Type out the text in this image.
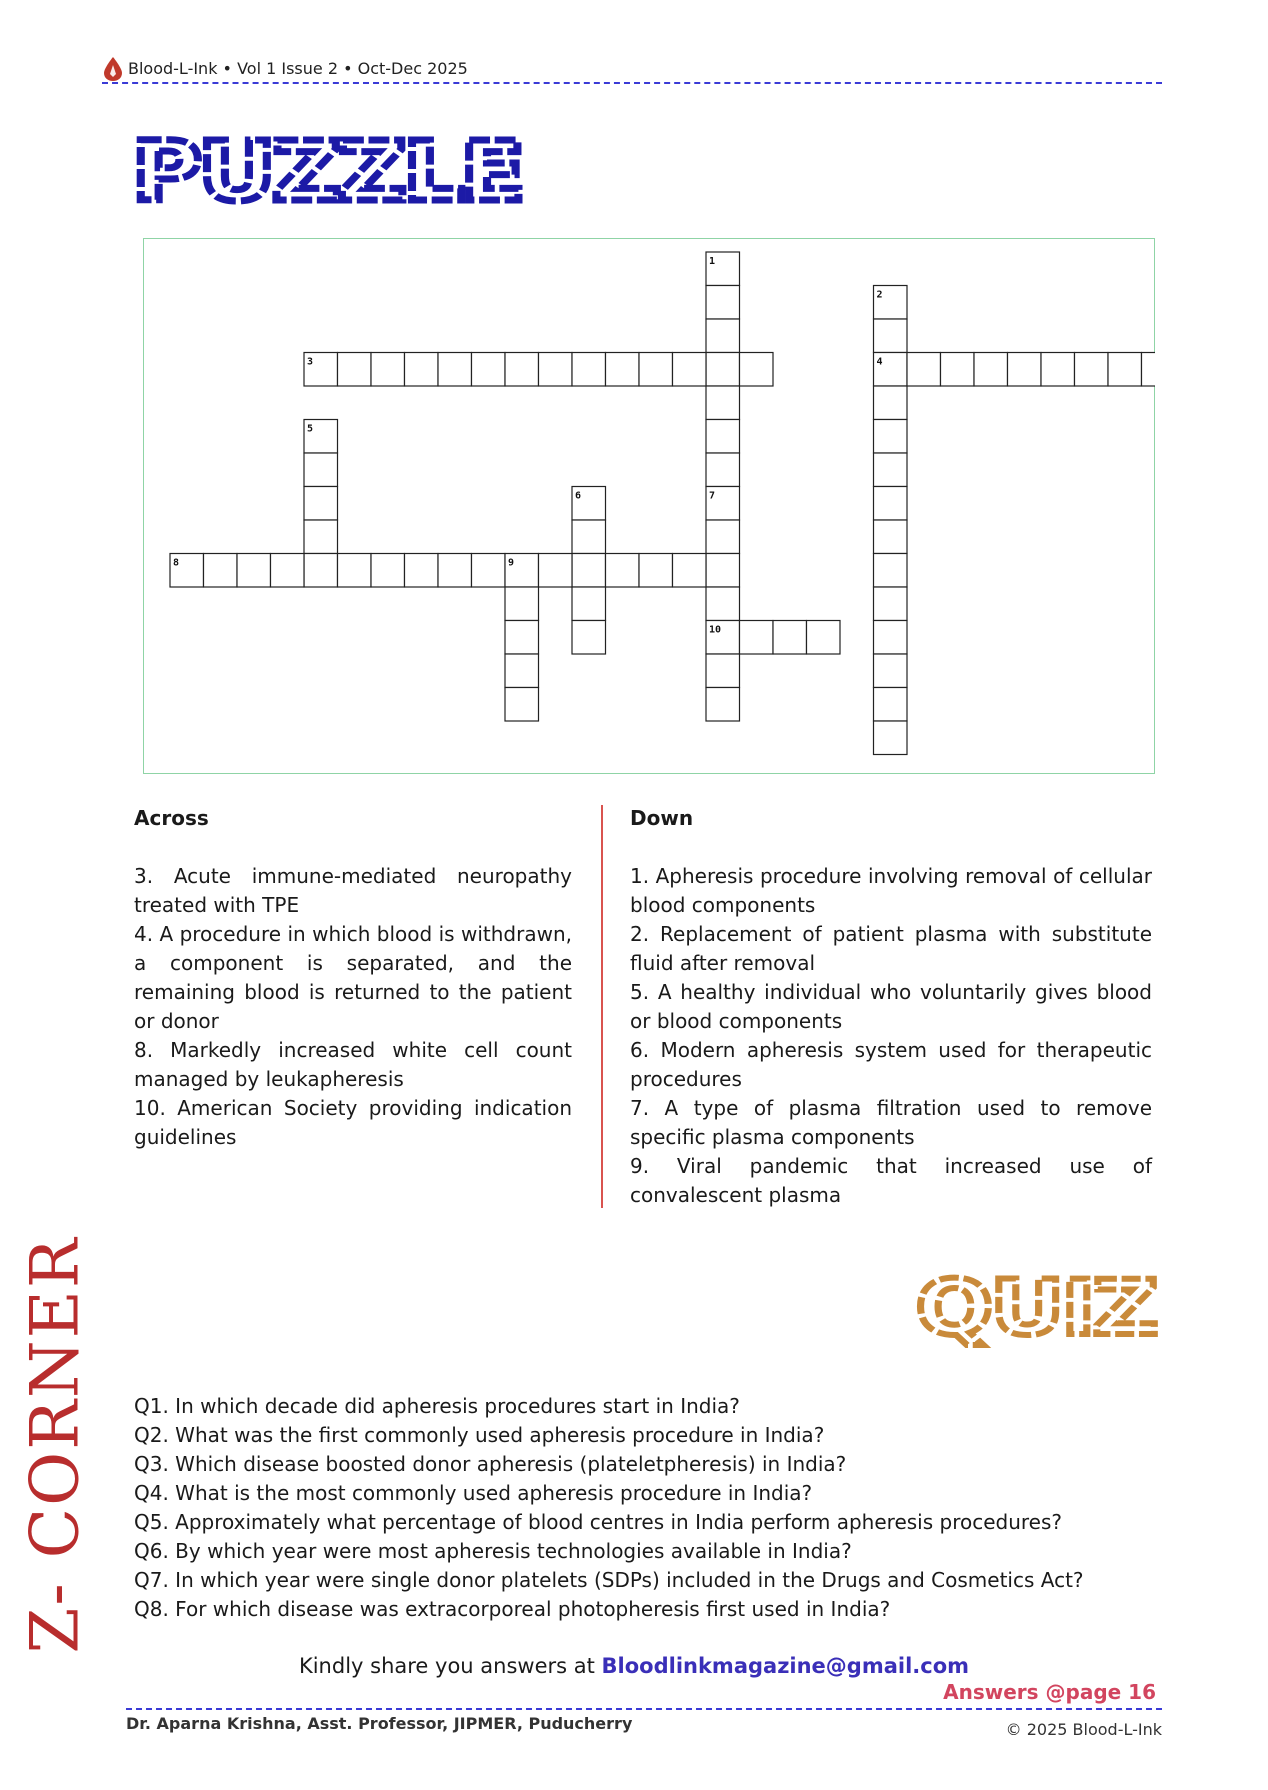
Blood-L-Ink • Vol 1 Issue 2 • Oct-Dec 2025
PUZZLE
1
2
3	4
5
6	7
8	9
10
Across	Down

3. Acute immune-mediated neuropathy treated with TPE

4. A procedure in which blood is withdrawn, a component is separated, and the remaining blood is returned to the patient or donor

8. Markedly increased white cell count managed by leukapheresis

10. American Society providing indication guidelines

1. Apheresis procedure involving removal of cellular blood components

2. Replacement of patient plasma with substitute fluid after removal

5. A healthy individual who voluntarily gives blood or blood components

6. Modern apheresis system used for therapeutic procedures

7. A type of plasma filtration used to remove specific plasma components

9. Viral pandemic that increased use of convalescent plasma

Z- CORNER	QUIZ

Q1. In which decade did apheresis procedures start in India?

Q2. What was the first commonly used apheresis procedure in India?

Q3. Which disease boosted donor apheresis (plateletpheresis) in India?

Q4. What is the most commonly used apheresis procedure in India?

Q5. Approximately what percentage of blood centres in India perform apheresis procedures?

Q6. By which year were most apheresis technologies available in India?

Q7. In which year were single donor platelets (SDPs) included in the Drugs and Cosmetics Act?

Q8. For which disease was extracorporeal photopheresis first used in India?

Kindly share you answers at Bloodlinkmagazine@gmail.com
Answers @page 16
Dr. Aparna Krishna, Asst. Professor, JIPMER, Puducherry	© 2025 Blood-L-Ink
